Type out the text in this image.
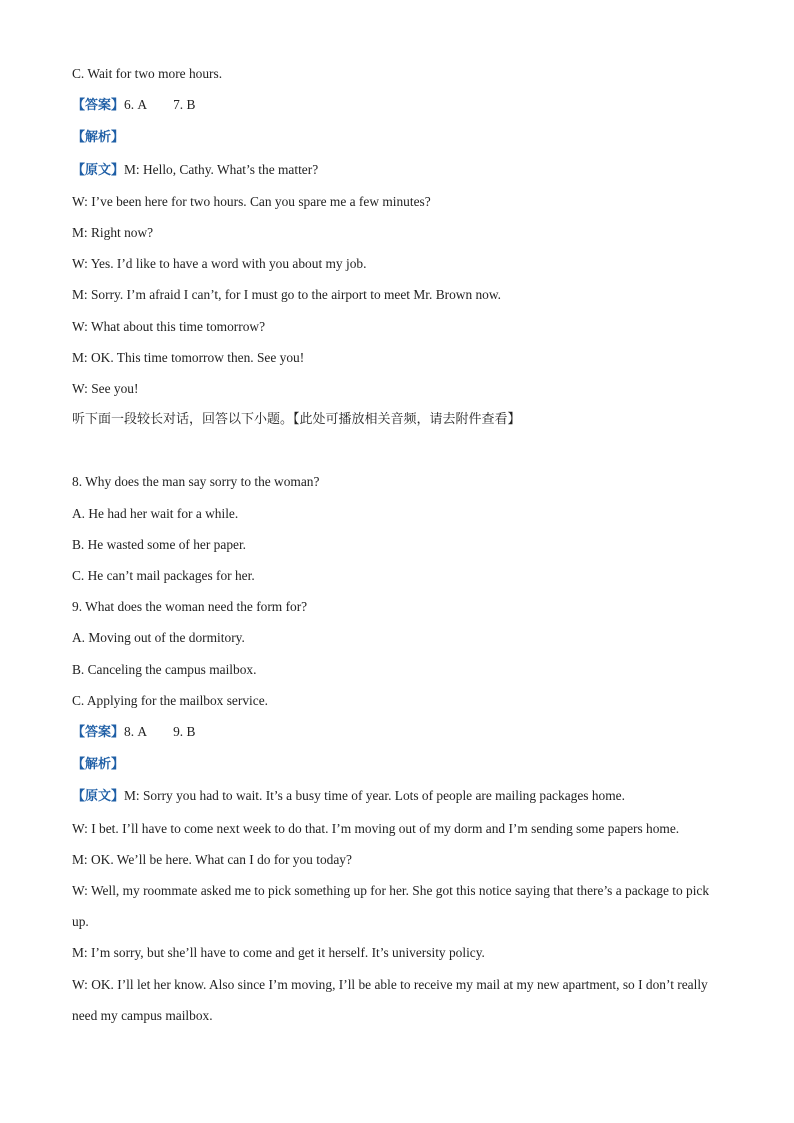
C. Wait for two more hours.

【答案】6. A 7. B

【解析】

【原文】M: Hello, Cathy. What’s the matter?

W: I’ve been here for two hours. Can you spare me a few minutes?

M: Right now?

W: Yes. I’d like to have a word with you about my job.

M: Sorry. I’m afraid I can’t, for I must go to the airport to meet Mr. Brown now.

W: What about this time tomorrow?

M: OK. This time tomorrow then. See you!

W: See you!

听下面一段较长对话，回答以下小题。【此处可播放相关音频，请去附件查看】

8. Why does the man say sorry to the woman?

A. He had her wait for a while.

B. He wasted some of her paper.

C. He can’t mail packages for her.

9. What does the woman need the form for?

A. Moving out of the dormitory.

B. Canceling the campus mailbox.

C. Applying for the mailbox service.

【答案】8. A 9. B

【解析】

【原文】M: Sorry you had to wait. It’s a busy time of year. Lots of people are mailing packages home.

W: I bet. I’ll have to come next week to do that. I’m moving out of my dorm and I’m sending some papers home.

M: OK. We’ll be here. What can I do for you today?

W: Well, my roommate asked me to pick something up for her. She got this notice saying that there’s a package to pick up.

M: I’m sorry, but she’ll have to come and get it herself. It’s university policy.

W: OK. I’ll let her know. Also since I’m moving, I’ll be able to receive my mail at my new apartment, so I don’t really need my campus mailbox.
